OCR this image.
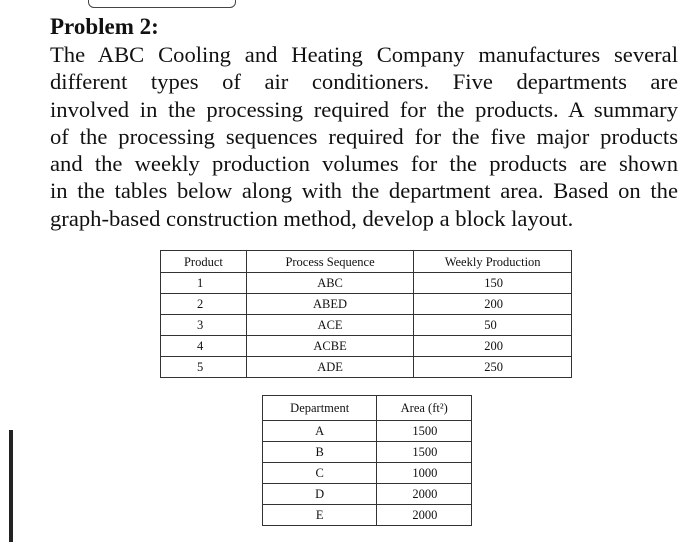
Problem 2:
The ABC Cooling and Heating Company manufactures several
different types of air conditioners. Five departments are
involved in the processing required for the products. A summary
of the processing sequences required for the five major products
and the weekly production volumes for the products are shown
in the tables below along with the department area. Based on the
graph-based construction method, develop a block layout.
Product	Process Sequence	Weekly Production
1	ABC	150
2	ABED	200
3	ACE	50
4	ACBE	200
5	ADE	250
Department	Area (ft²)
A	1500
B	1500
C	1000
D	2000
E	2000
